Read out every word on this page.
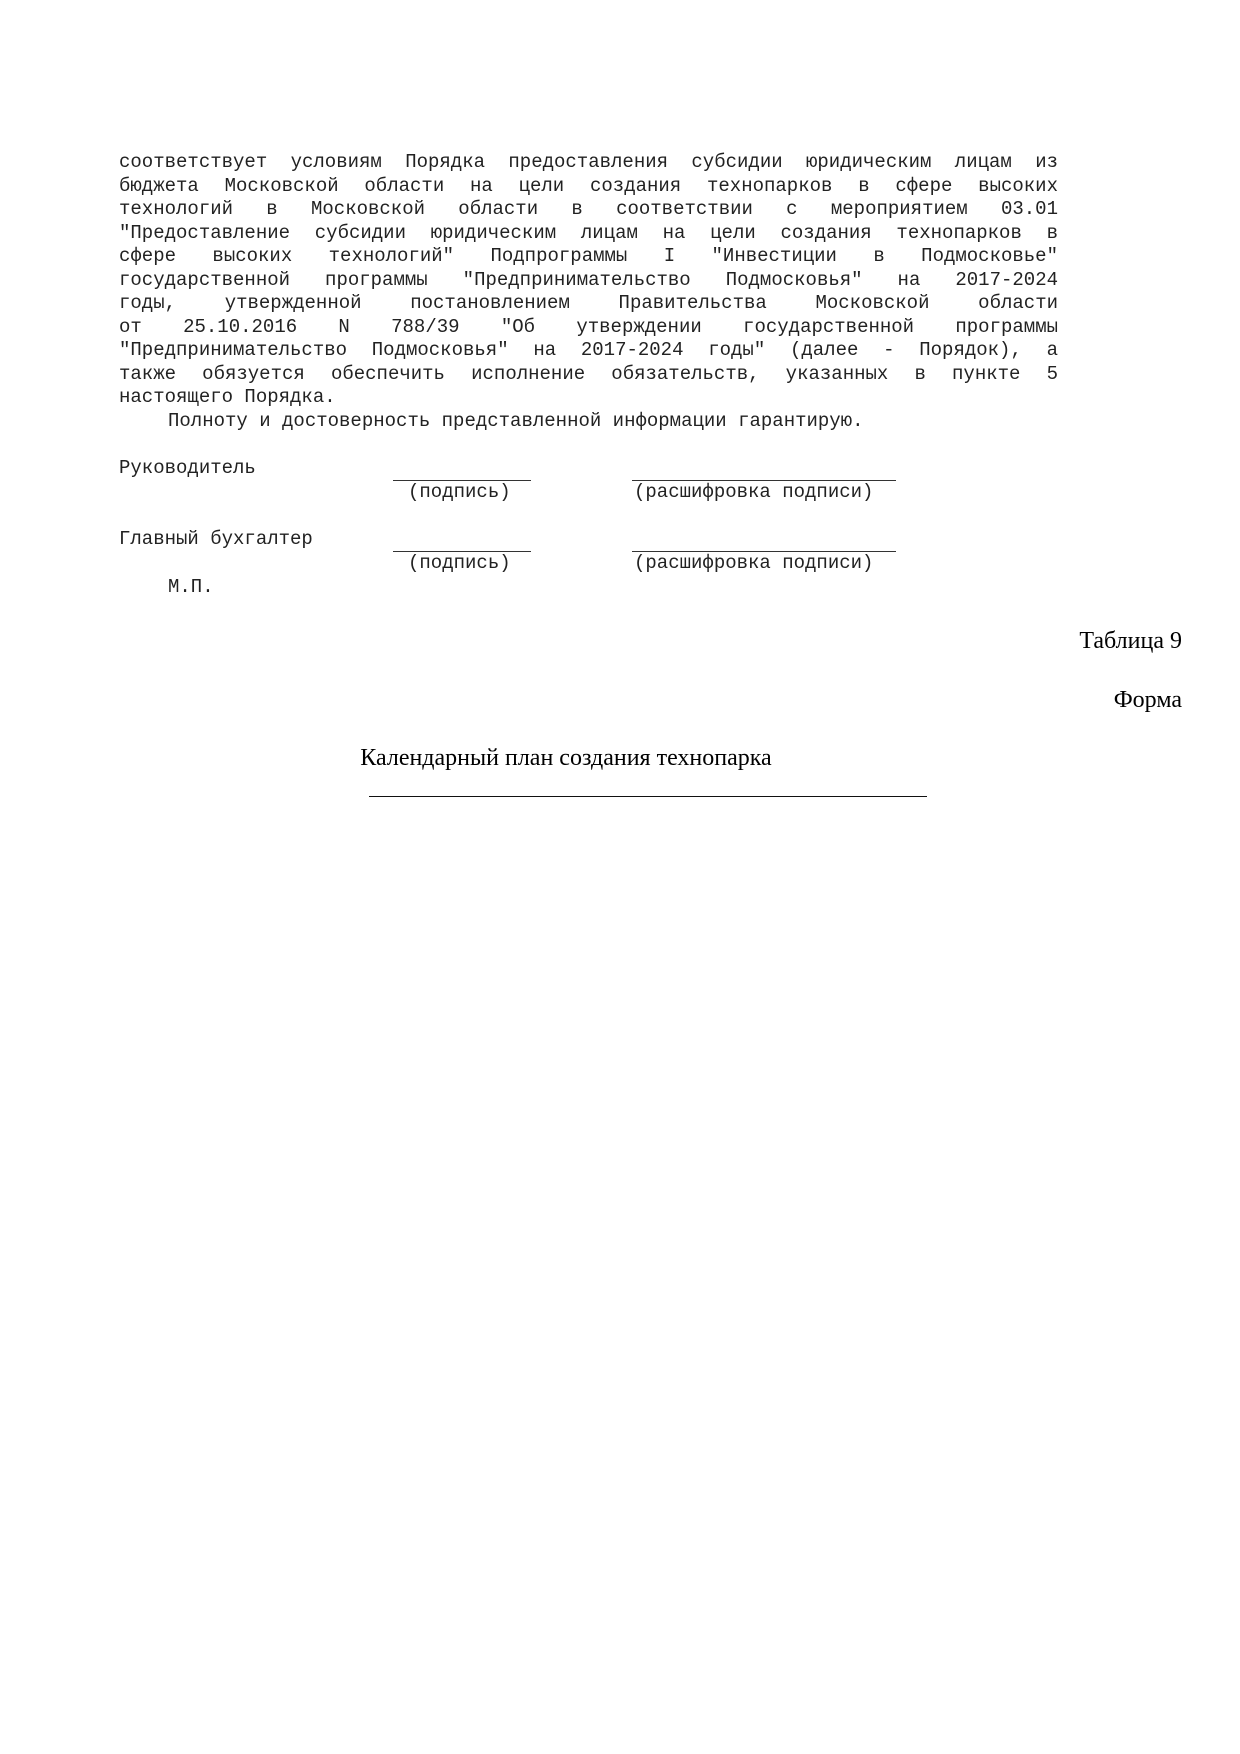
соответствует условиям Порядка предоставления субсидии юридическим лицам из
бюджета Московской области на цели создания технопарков в сфере высоких
технологий в Московской области в соответствии с мероприятием 03.01
"Предоставление субсидии юридическим лицам на цели создания технопарков в
сфере высоких технологий" Подпрограммы I "Инвестиции в Подмосковье"
государственной программы "Предпринимательство Подмосковья" на 2017-2024
годы, утвержденной постановлением Правительства Московской области
от 25.10.2016 N 788/39 "Об утверждении государственной программы
"Предпринимательство Подмосковья" на 2017-2024 годы" (далее - Порядок), а
также обязуется обеспечить исполнение обязательств, указанных в пункте 5
настоящего Порядка.
Полноту и достоверность представленной информации гарантирую.
Руководитель
(подпись)	(расшифровка подписи)
Главный бухгалтер
(подпись)	(расшифровка подписи)
М.П.
Таблица 9
Форма
Календарный план создания технопарка
